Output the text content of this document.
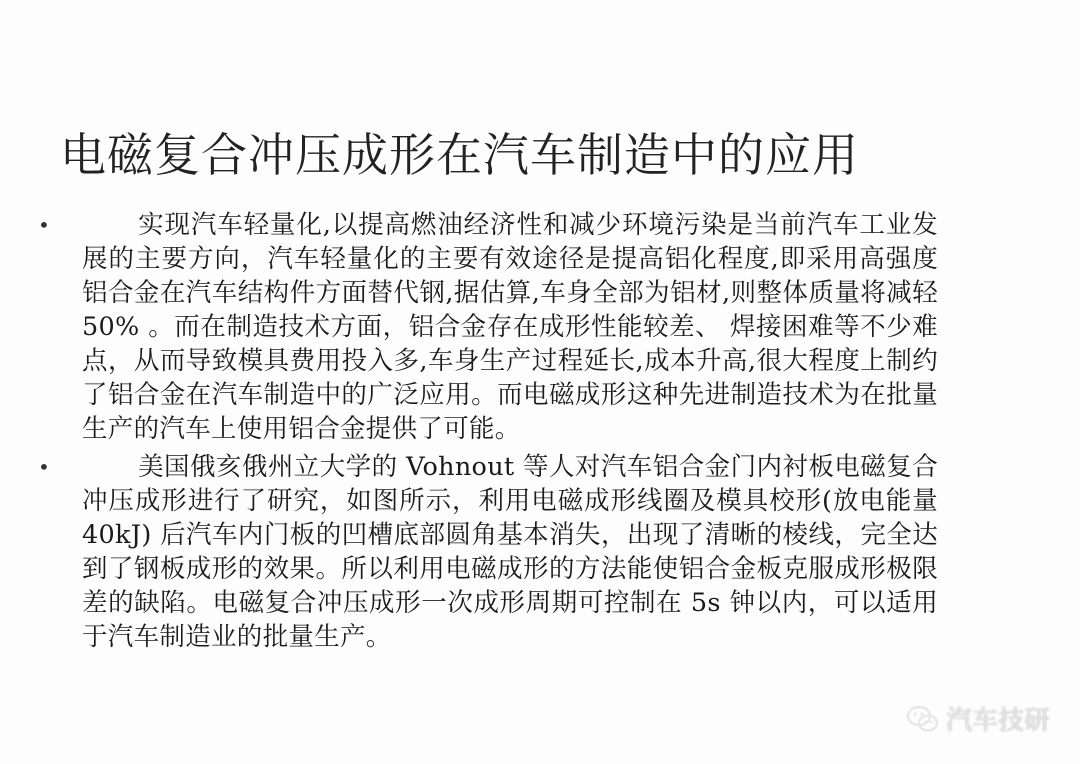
电磁复合冲压成形在汽车制造中的应用
•	实现汽车轻量化,以提高燃油经济性和减少环境污染是当前汽车工业发展的主要方向，汽车轻量化的主要有效途径是提高铝化程度,即采用高强度铝合金在汽车结构件方面替代钢,据估算,车身全部为铝材,则整体质量将减轻 50% 。而在制造技术方面，铝合金存在成形性能较差、 焊接困难等不少难点，从而导致模具费用投入多,车身生产过程延长,成本升高,很大程度上制约了铝合金在汽车制造中的广泛应用。而电磁成形这种先进制造技术为在批量生产的汽车上使用铝合金提供了可能。
•	美国俄亥俄州立大学的 Vohnout 等人对汽车铝合金门内衬板电磁复合冲压成形进行了研究，如图所示，利用电磁成形线圈及模具校形(放电能量40kJ) 后汽车内门板的凹槽底部圆角基本消失，出现了清晰的棱线，完全达到了钢板成形的效果。所以利用电磁成形的方法能使铝合金板克服成形极限差的缺陷。电磁复合冲压成形一次成形周期可控制在 5s 钟以内，可以适用于汽车制造业的批量生产。
汽车技研
